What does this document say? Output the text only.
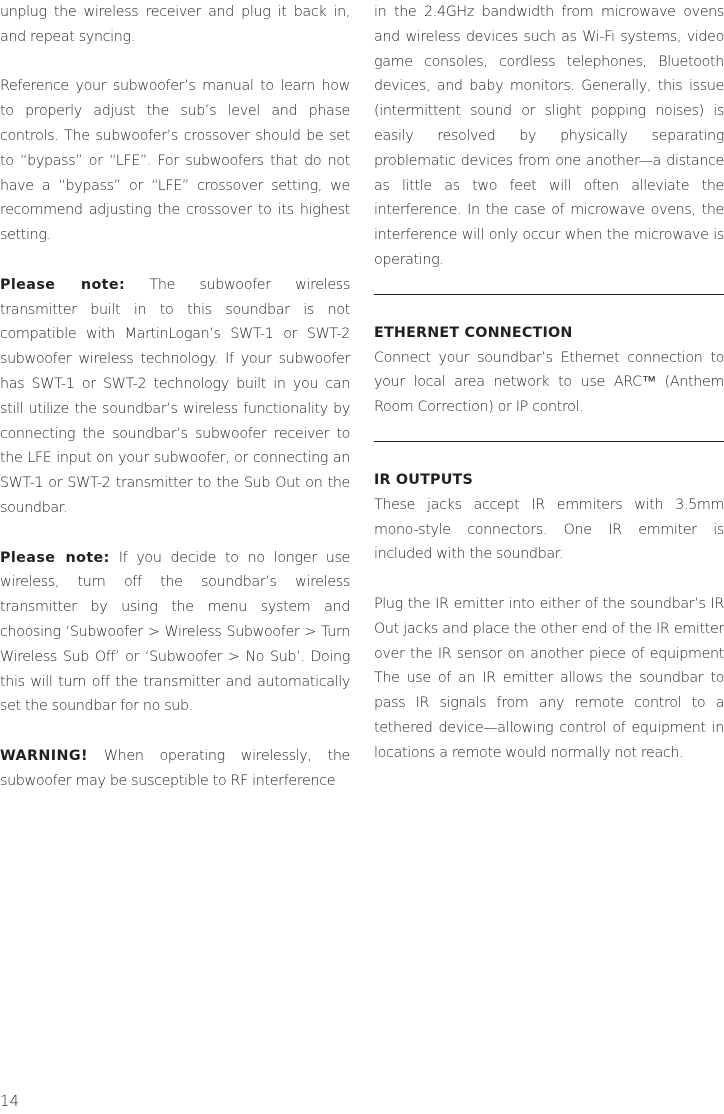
unplug the wireless receiver and plug it back in, and repeat syncing.

Reference your subwoofer’s manual to learn how to properly adjust the sub’s level and phase controls. The subwoofer’s crossover should be set to “bypass” or “LFE”. For subwoofers that do not have a “bypass” or “LFE” crossover setting, we recommend adjusting the crossover to its highest setting.

Please note: The subwoofer wireless transmitter built in to this soundbar is not compatible with MartinLogan’s SWT-1 or SWT-2 subwoofer wireless technology. If your subwoofer has SWT-1 or SWT-2 technology built in you can still utilize the soundbar’s wireless functionality by connecting the soundbar’s subwoofer receiver to the LFE input on your subwoofer, or connecting an SWT-1 or SWT-2 transmitter to the Sub Out on the soundbar.

Please note: If you decide to no longer use wireless, turn off the soundbar’s wireless transmitter by using the menu system and choosing ‘Subwoofer > Wireless Subwoofer > Turn Wireless Sub Off’ or ‘Subwoofer > No Sub’. Doing this will turn off the transmitter and automatically set the soundbar for no sub.

WARNING! When operating wirelessly, the subwoofer may be susceptible to RF interference

in the 2.4GHz bandwidth from microwave ovens and wireless devices such as Wi-Fi systems, video game consoles, cordless telephones, Bluetooth devices, and baby monitors. Generally, this issue (intermittent sound or slight popping noises) is easily resolved by physically separating problematic devices from one another—a distance as little as two feet will often alleviate the interference. In the case of microwave ovens, the interference will only occur when the microwave is operating.

ETHERNET CONNECTION

Connect your soundbar’s Ethernet connection to your local area network to use ARC™ (Anthem Room Correction) or IP control.

IR OUTPUTS

These jacks accept IR emmiters with 3.5mm mono-style connectors. One IR emmiter is included with the soundbar.

Plug the IR emitter into either of the soundbar’s IR Out jacks and place the other end of the IR emitter over the IR sensor on another piece of equipment The use of an IR emitter allows the soundbar to pass IR signals from any remote control to a tethered device—allowing control of equipment in locations a remote would normally not reach.

14
